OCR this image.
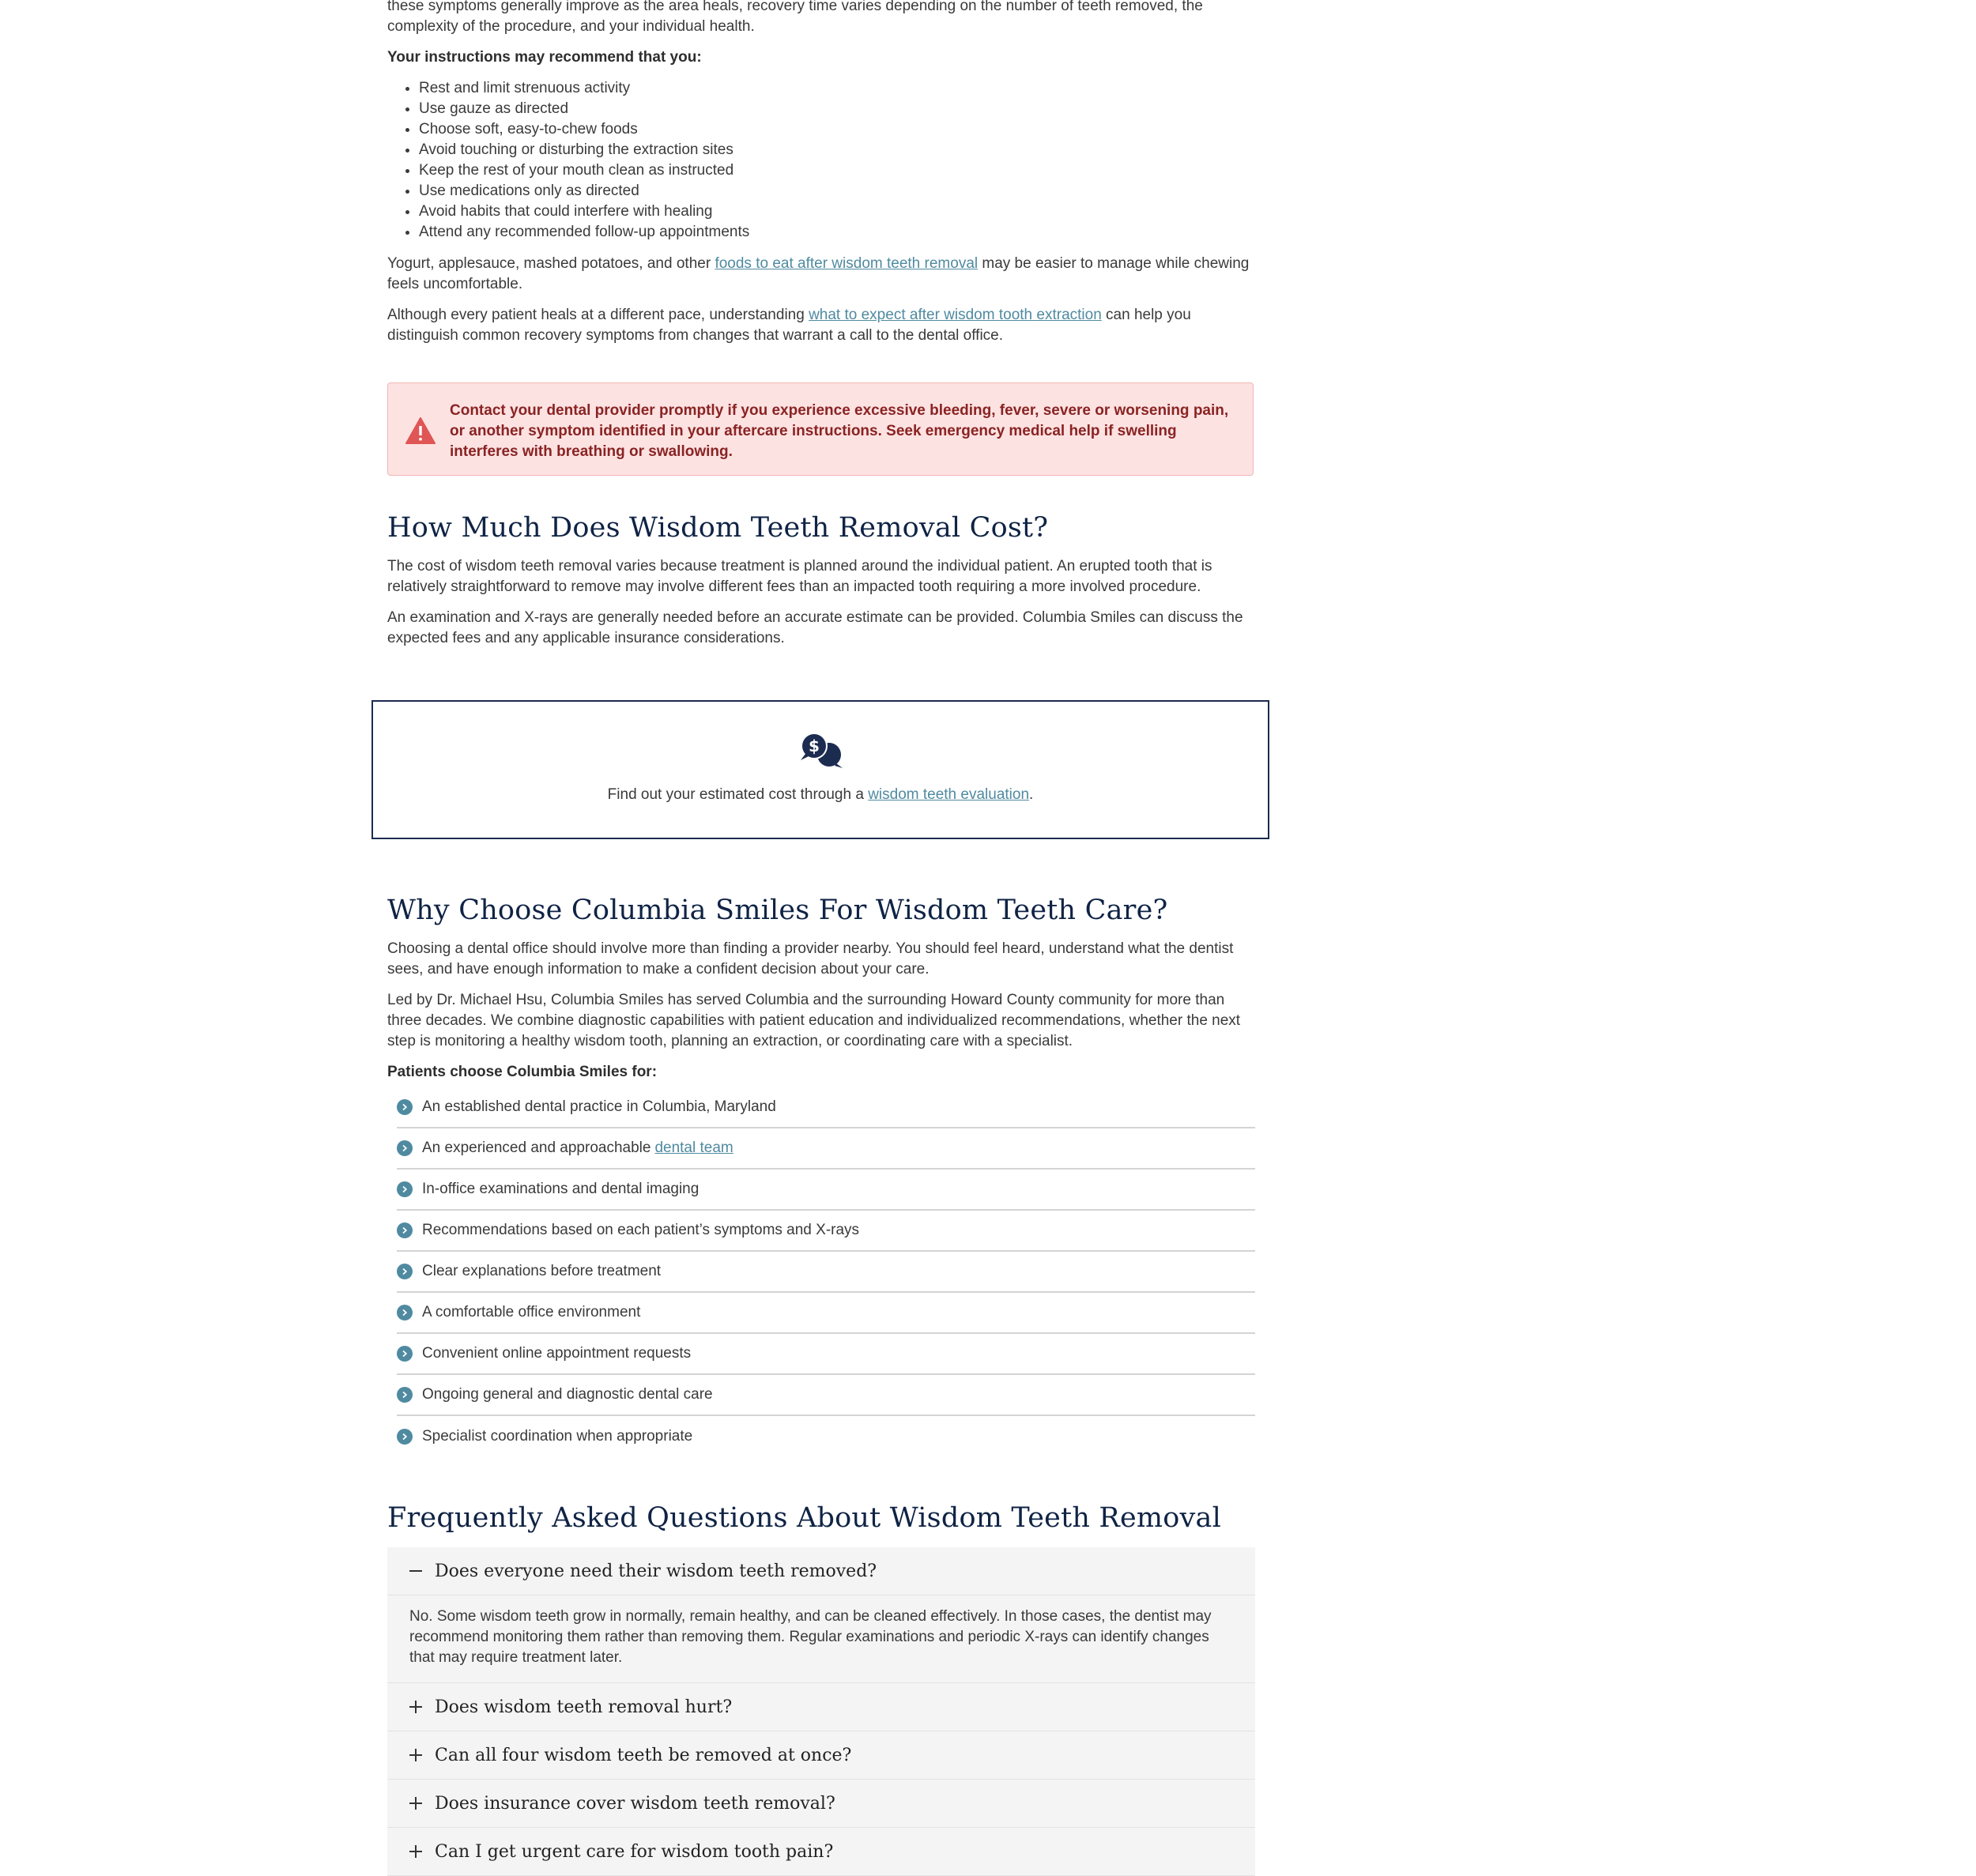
these symptoms generally improve as the area heals, recovery time varies depending on the number of teeth removed, the complexity of the procedure, and your individual health.

Your instructions may recommend that you:

• Rest and limit strenuous activity
• Use gauze as directed
• Choose soft, easy-to-chew foods
• Avoid touching or disturbing the extraction sites
• Keep the rest of your mouth clean as instructed
• Use medications only as directed
• Avoid habits that could interfere with healing
• Attend any recommended follow-up appointments

Yogurt, applesauce, mashed potatoes, and other foods to eat after wisdom teeth removal may be easier to manage while chewing feels uncomfortable.

Although every patient heals at a different pace, understanding what to expect after wisdom tooth extraction can help you distinguish common recovery symptoms from changes that warrant a call to the dental office.

Contact your dental provider promptly if you experience excessive bleeding, fever, severe or worsening pain, or another symptom identified in your aftercare instructions. Seek emergency medical help if swelling interferes with breathing or swallowing.
How Much Does Wisdom Teeth Removal Cost?

The cost of wisdom teeth removal varies because treatment is planned around the individual patient. An erupted tooth that is relatively straightforward to remove may involve different fees than an impacted tooth requiring a more involved procedure.

An examination and X-rays are generally needed before an accurate estimate can be provided. Columbia Smiles can discuss the expected fees and any applicable insurance considerations.

Why Choose Columbia Smiles For Wisdom Teeth Care?

Choosing a dental office should involve more than finding a provider nearby. You should feel heard, understand what the dentist sees, and have enough information to make a confident decision about your care.

Led by Dr. Michael Hsu, Columbia Smiles has served Columbia and the surrounding Howard County community for more than three decades. We combine diagnostic capabilities with patient education and individualized recommendations, whether the next step is monitoring a healthy wisdom tooth, planning an extraction, or coordinating care with a specialist.

Patients choose Columbia Smiles for:

An established dental practice in Columbia, Maryland
An experienced and approachable dental team
In-office examinations and dental imaging
Recommendations based on each patient’s symptoms and X-rays
Clear explanations before treatment
A comfortable office environment
Convenient online appointment requests
Ongoing general and diagnostic dental care
Specialist coordination when appropriate
Frequently Asked Questions About Wisdom Teeth Removal
Does everyone need their wisdom teeth removed?
No. Some wisdom teeth grow in normally, remain healthy, and can be cleaned effectively. In those cases, the dentist may recommend monitoring them rather than removing them. Regular examinations and periodic X-rays can identify changes that may require treatment later.
Does wisdom teeth removal hurt?
Can all four wisdom teeth be removed at once?
Does insurance cover wisdom teeth removal?
Can I get urgent care for wisdom tooth pain?
$
Find out your estimated cost through a wisdom teeth evaluation.
